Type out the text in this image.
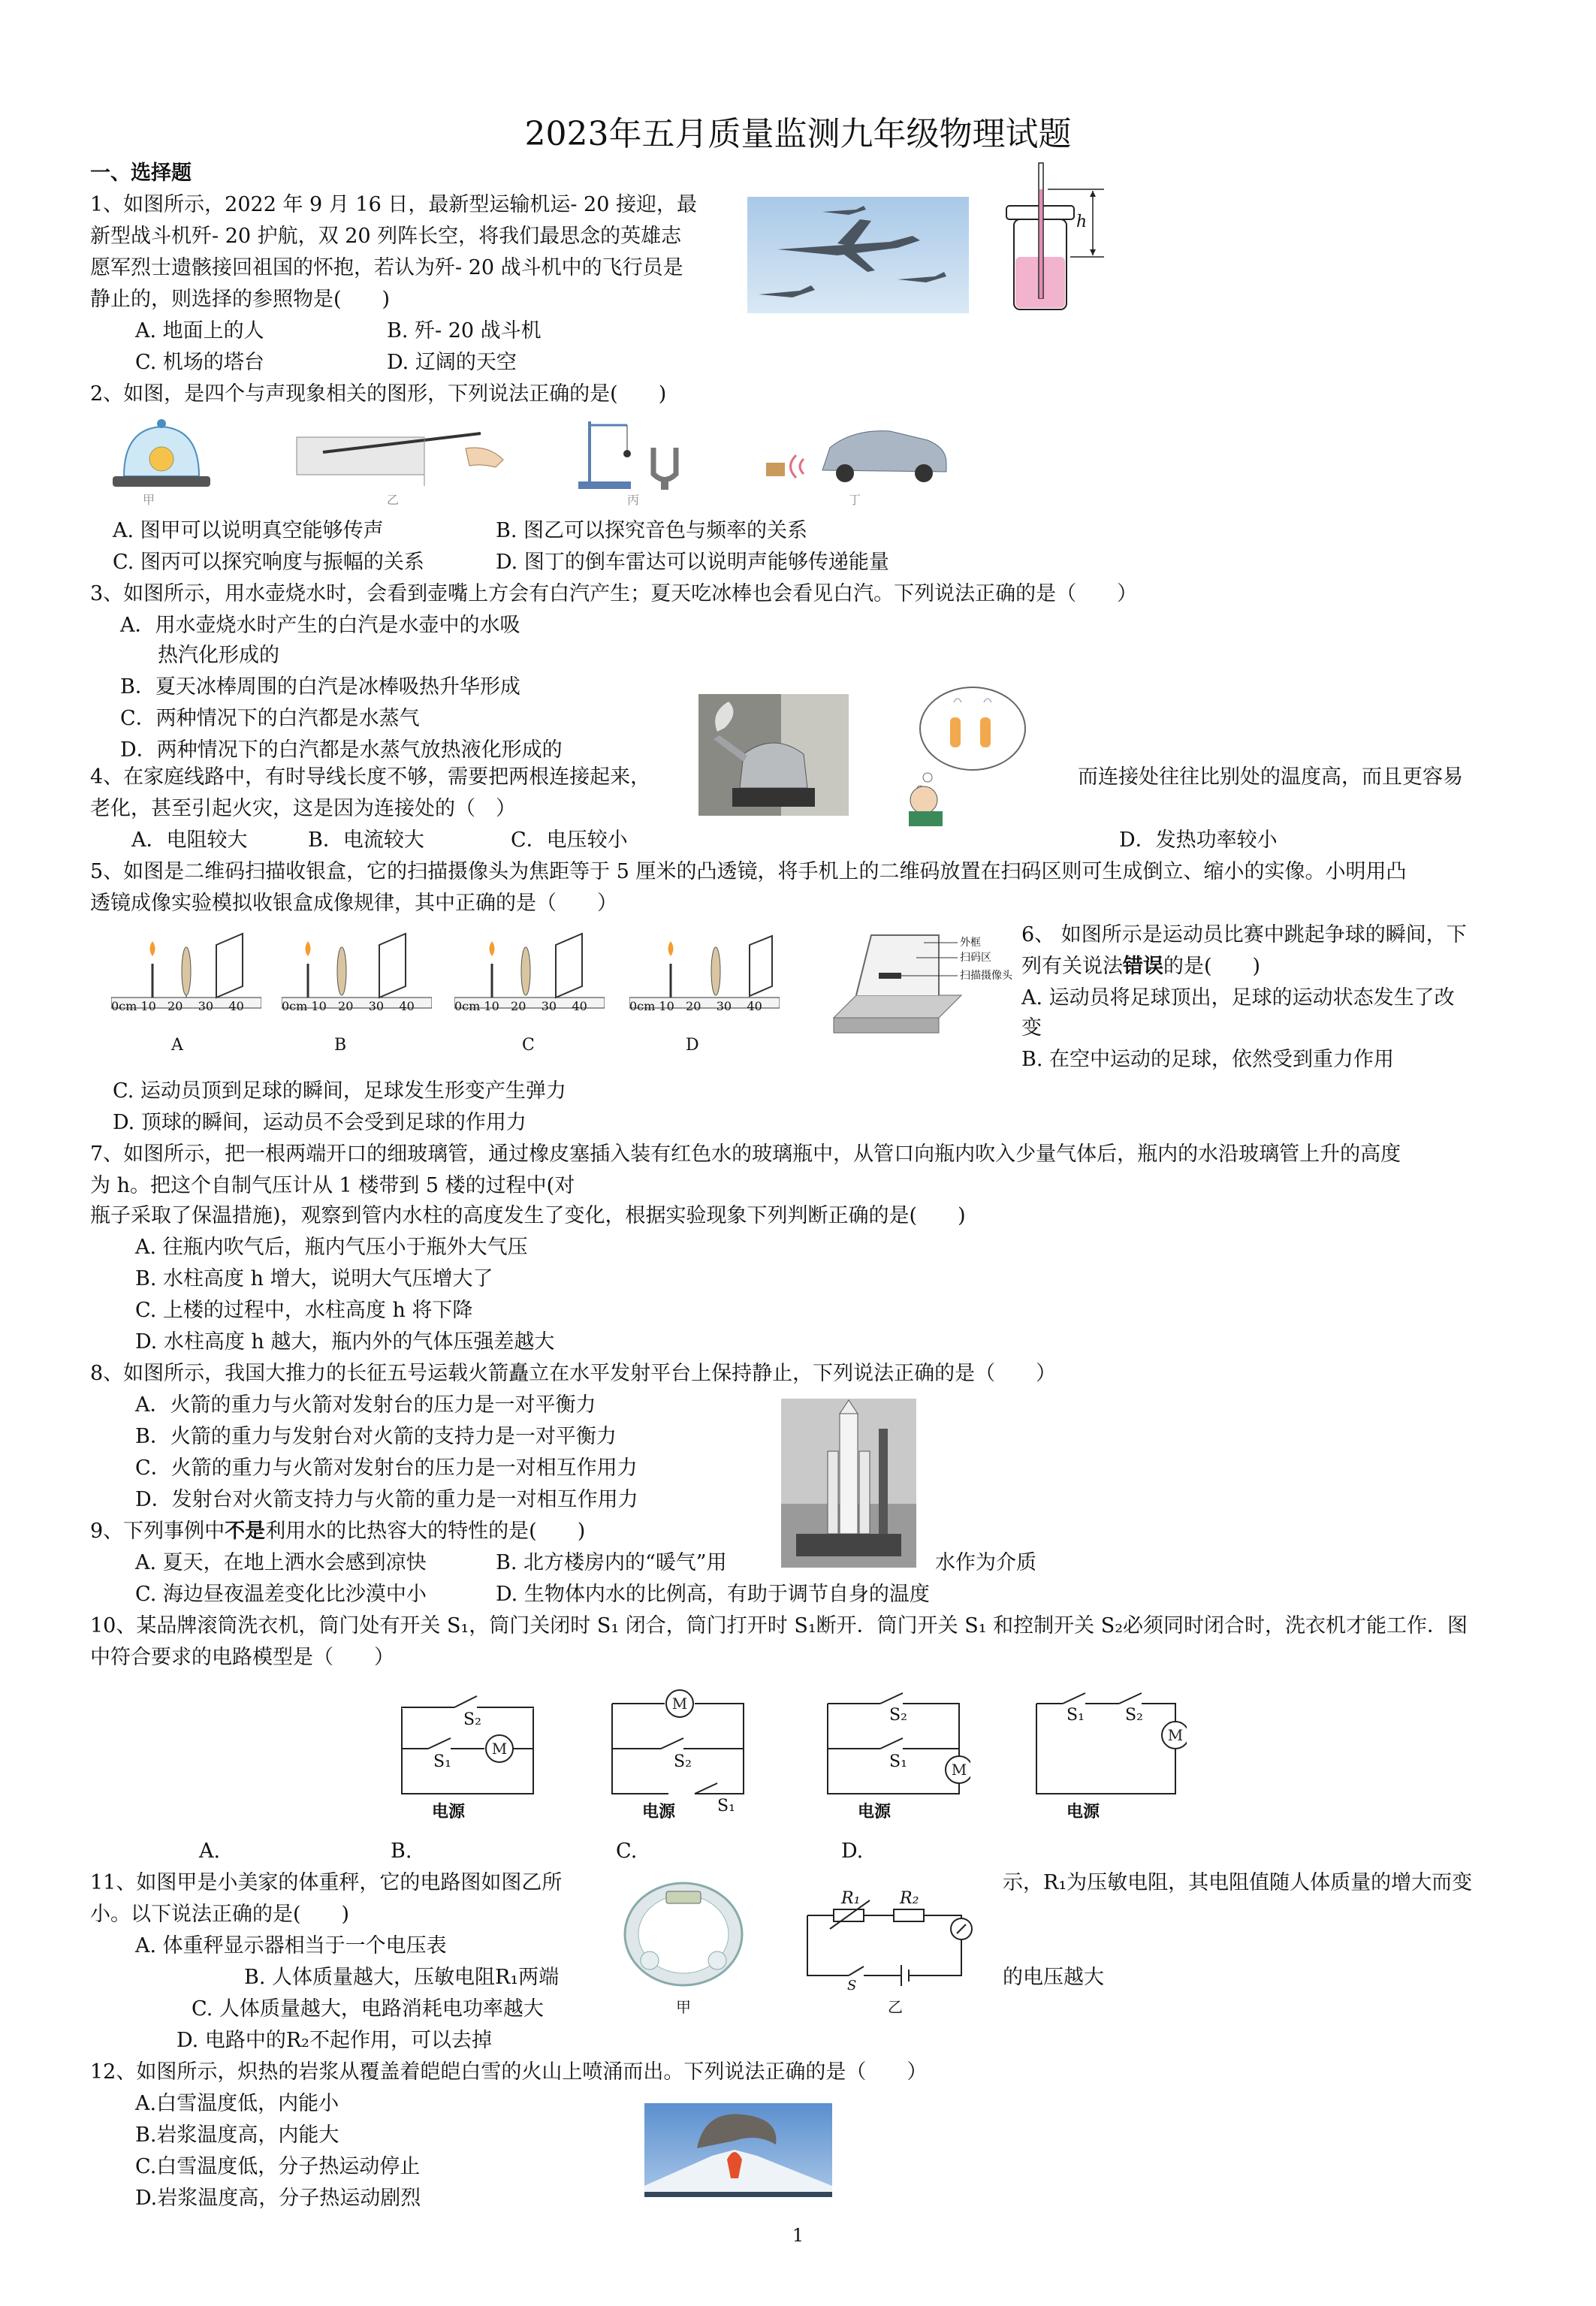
2023年五月质量监测九年级物理试题
一、选择题
1、如图所示，2022 年 9 月 16 日，最新型运输机运- 20 接迎，最
新型战斗机歼- 20 护航，双 20 列阵长空，将我们最思念的英雄志
愿军烈士遗骸接回祖国的怀抱，若认为歼- 20 战斗机中的飞行员是
静止的，则选择的参照物是(　　)
A. 地面上的人	B. 歼- 20 战斗机
C. 机场的塔台	D. 辽阔的天空
h
2、如图，是四个与声现象相关的图形，下列说法正确的是(　　)
甲	乙	丙	丁
A. 图甲可以说明真空能够传声	B. 图乙可以探究音色与频率的关系
C. 图丙可以探究响度与振幅的关系	D. 图丁的倒车雷达可以说明声能够传递能量
3、如图所示，用水壶烧水时，会看到壶嘴上方会有白汽产生；夏天吃冰棒也会看见白汽。下列说法正确的是（　　）
A．用水壶烧水时产生的白汽是水壶中的水吸
热汽化形成的
B．夏天冰棒周围的白汽是冰棒吸热升华形成
C．两种情况下的白汽都是水蒸气
D．两种情况下的白汽都是水蒸气放热液化形成的
4、在家庭线路中，有时导线长度不够，需要把两根连接起来，	而连接处往往比别处的温度高，而且更容易
老化，甚至引起火灾，这是因为连接处的（　）
A．电阻较大	B．电流较大	C．电压较小	D．发热功率较小
5、如图是二维码扫描收银盒，它的扫描摄像头为焦距等于 5 厘米的凸透镜，将手机上的二维码放置在扫码区则可生成倒立、缩小的实像。小明用凸
透镜成像实验模拟收银盒成像规律，其中正确的是（　　）
0cm 10 20 30 40
A
0cm 10 20 30 40
B
0cm 10 20 30 40
C
0cm 10 20 30 40
D
外框
扫码区
扫描摄像头
6、 如图所示是运动员比赛中跳起争球的瞬间，下
列有关说法错误的是(　　)
A. 运动员将足球顶出，足球的运动状态发生了改
变
B. 在空中运动的足球，依然受到重力作用
C. 运动员顶到足球的瞬间，足球发生形变产生弹力
D. 顶球的瞬间，运动员不会受到足球的作用力
7、如图所示，把一根两端开口的细玻璃管，通过橡皮塞插入装有红色水的玻璃瓶中，从管口向瓶内吹入少量气体后，瓶内的水沿玻璃管上升的高度
为 h。把这个自制气压计从 1 楼带到 5 楼的过程中(对
瓶子采取了保温措施)，观察到管内水柱的高度发生了变化，根据实验现象下列判断正确的是(　　)
A. 往瓶内吹气后，瓶内气压小于瓶外大气压
B. 水柱高度 h 增大，说明大气压增大了
C. 上楼的过程中，水柱高度 h 将下降
D. 水柱高度 h 越大，瓶内外的气体压强差越大
8、如图所示，我国大推力的长征五号运载火箭矗立在水平发射平台上保持静止，下列说法正确的是（　　）
A．火箭的重力与火箭对发射台的压力是一对平衡力
B．火箭的重力与发射台对火箭的支持力是一对平衡力
C．火箭的重力与火箭对发射台的压力是一对相互作用力
D．发射台对火箭支持力与火箭的重力是一对相互作用力
9、下列事例中不是利用水的比热容大的特性的是(　　)
A. 夏天，在地上洒水会感到凉快	B. 北方楼房内的“暖气”用	水作为介质
C. 海边昼夜温差变化比沙漠中小	D. 生物体内水的比例高，有助于调节自身的温度
10、某品牌滚筒洗衣机，筒门处有开关 S₁，筒门关闭时 S₁ 闭合，筒门打开时 S₁断开．筒门开关 S₁ 和控制开关 S₂必须同时闭合时，洗衣机才能工作．图
中符合要求的电路模型是（　　）
M
S₂
S₁
电源
M
S₂
S₁
电源
M
S₂
S₁
电源
M
S₁ S₂
电源
A.	B.	C.	D.
11、如图甲是小美家的体重秤，它的电路图如图乙所	示，R₁为压敏电阻，其电阻值随人体质量的增大而变
小。以下说法正确的是(　　)
A. 体重秤显示器相当于一个电压表
B. 人体质量越大，压敏电阻R₁两端	的电压越大
C. 人体质量越大，电路消耗电功率越大
D. 电路中的R₂不起作用，可以去掉
甲
R₁ R₂
S
乙
12、如图所示，炽热的岩浆从覆盖着皑皑白雪的火山上喷涌而出。下列说法正确的是（　　）
A.白雪温度低，内能小
B.岩浆温度高，内能大
C.白雪温度低，分子热运动停止
D.岩浆温度高，分子热运动剧烈
1
